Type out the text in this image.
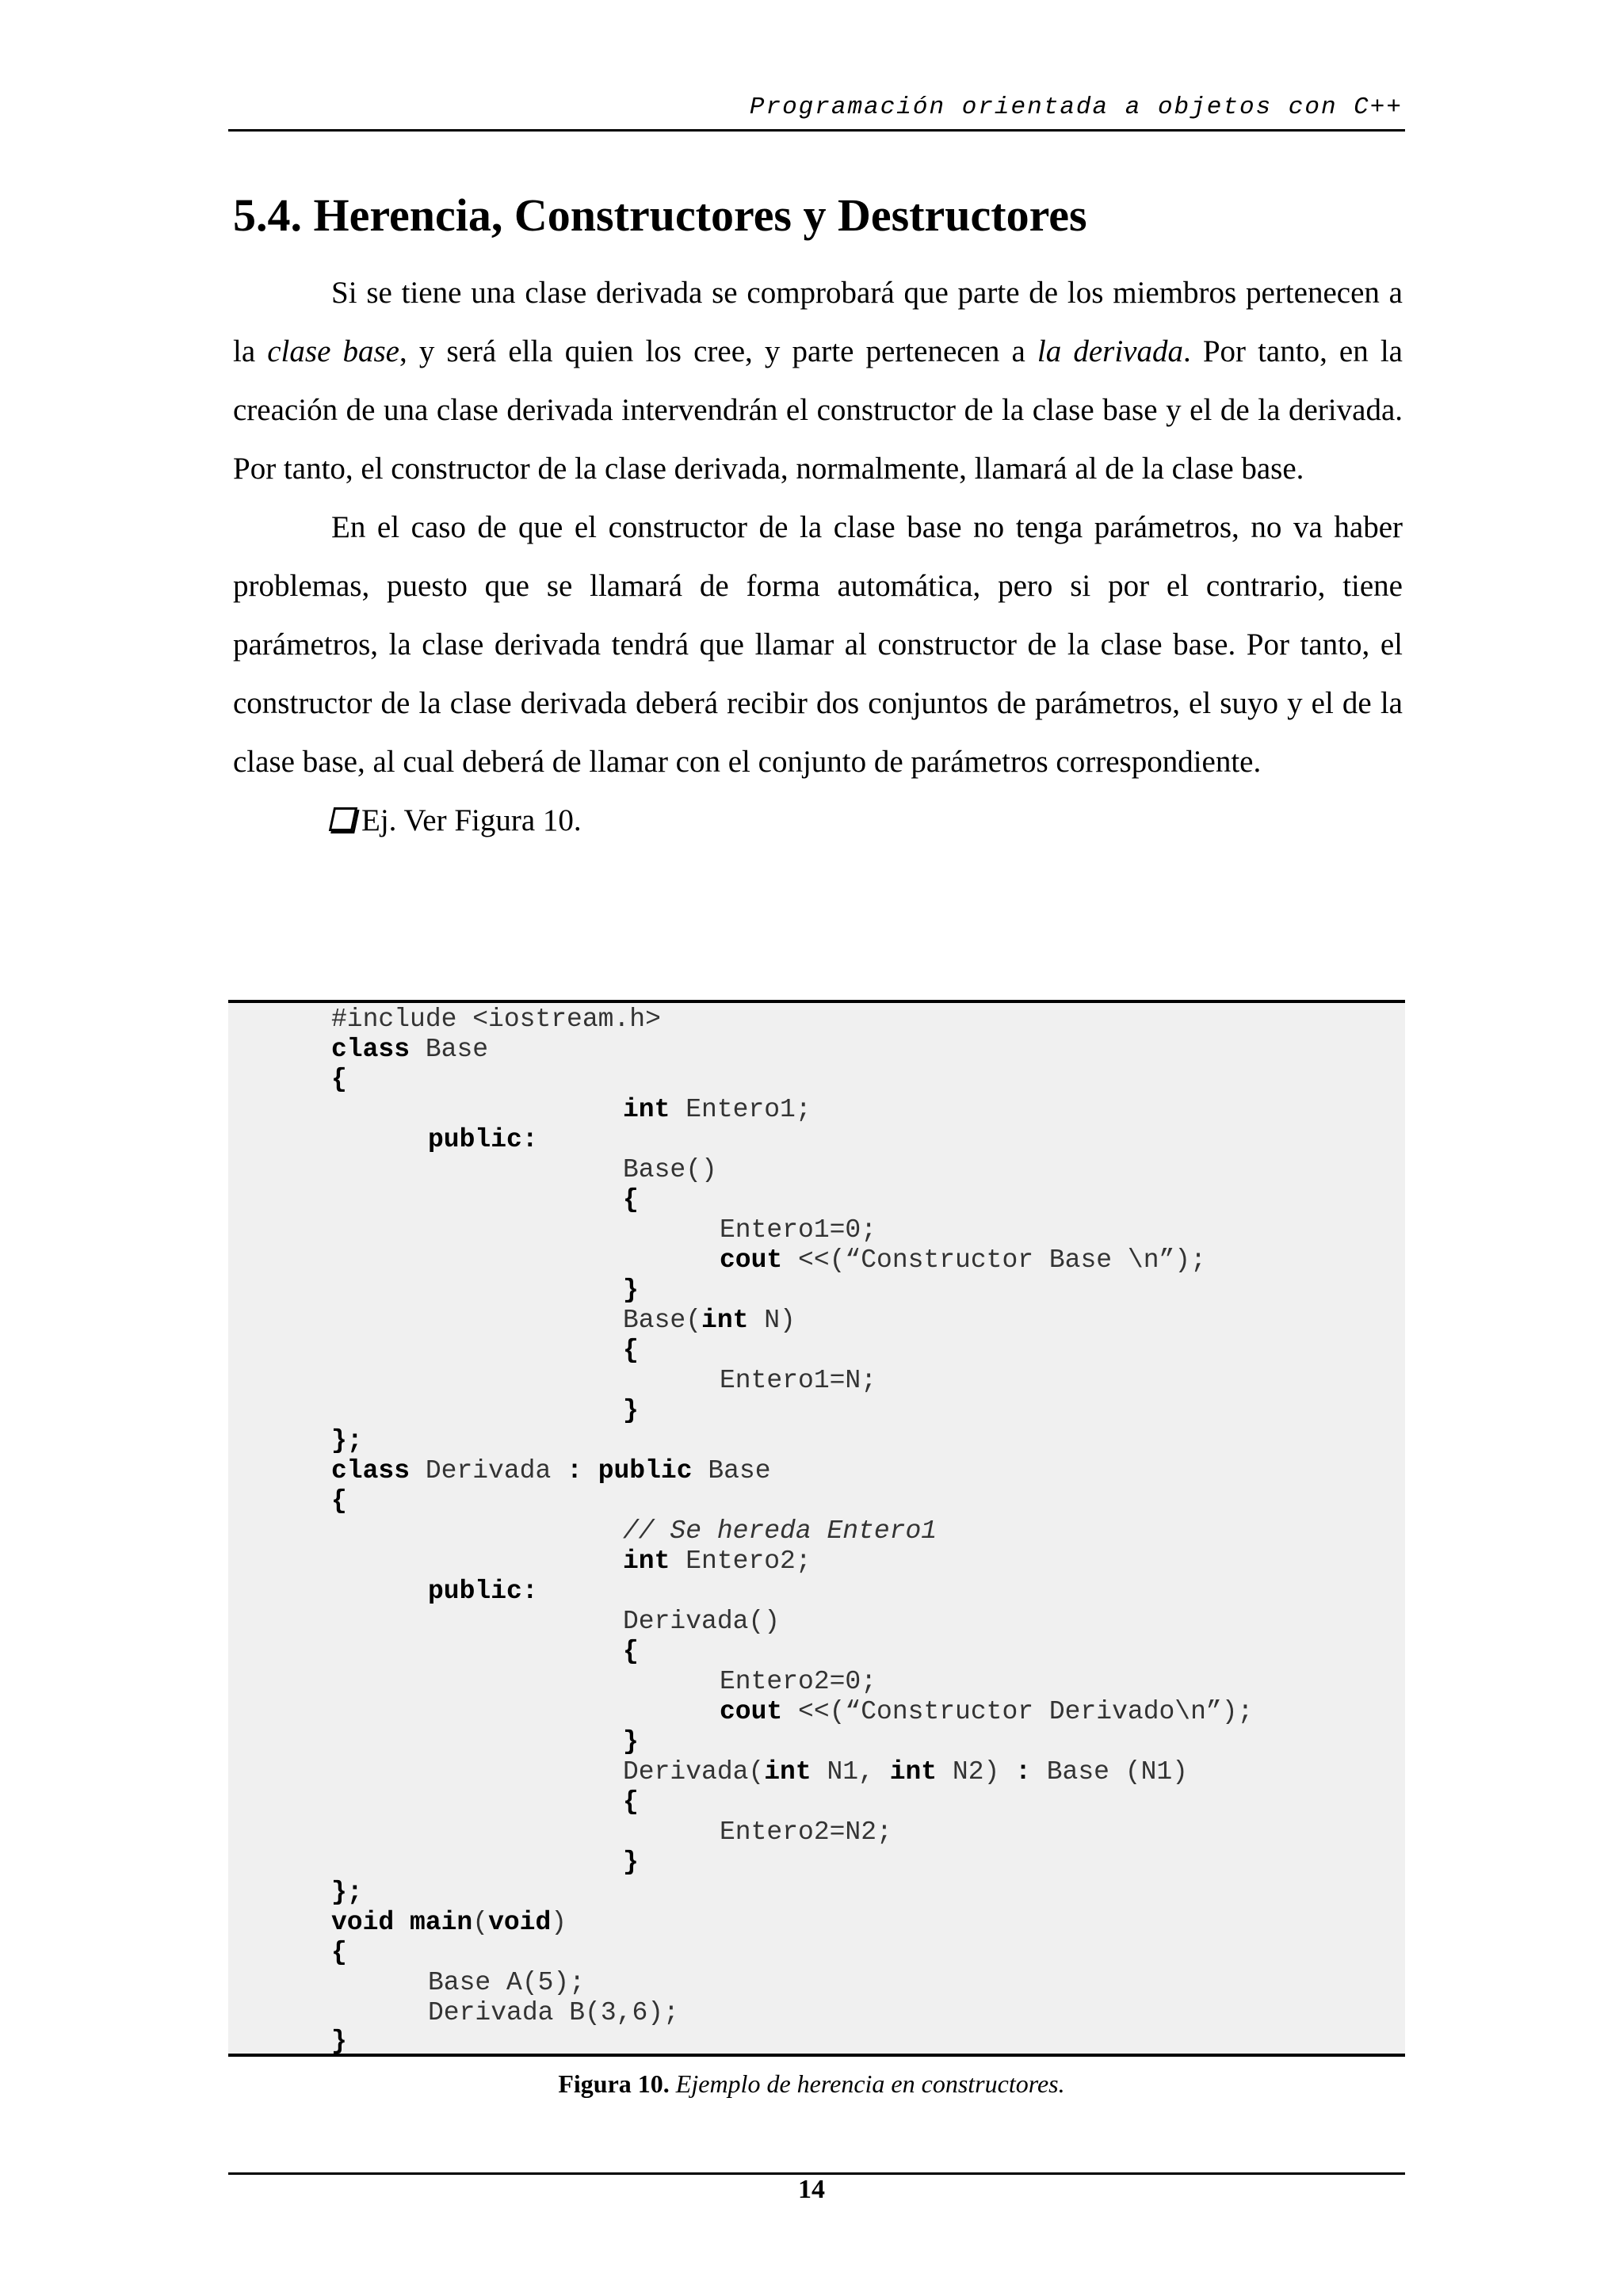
Programación orientada a objetos con C++
5.4. Herencia, Constructores y Destructores

Si se tiene una clase derivada se comprobará que parte de los miembros pertenecen a la clase base, y será ella quien los cree, y parte pertenecen a la derivada. Por tanto, en la creación de una clase derivada intervendrán el constructor de la clase base y el de la derivada. Por tanto, el constructor de la clase derivada, normalmente, llamará al de la clase base.

En el caso de que el constructor de la clase base no tenga parámetros, no va haber problemas, puesto que se llamará de forma automática, pero si por el contrario, tiene parámetros, la clase derivada tendrá que llamar al constructor de la clase base. Por tanto, el constructor de la clase derivada deberá recibir dos conjuntos de parámetros, el suyo y el de la clase base, al cual deberá de llamar con el conjunto de parámetros correspondiente.

Ej. Ver Figura 10.

#include <iostream.h>
class Base
{
int Entero1;
public:
Base()
{
Entero1=0;
cout <<(“Constructor Base \n”);
}
Base(int N)
{
Entero1=N;
}
};
class Derivada : public Base
{
// Se hereda Entero1
int Entero2;
public:
Derivada()
{
Entero2=0;
cout <<(“Constructor Derivado\n”);
}
Derivada(int N1, int N2) : Base (N1)
{
Entero2=N2;
}
};
void main(void)
{
Base A(5);
Derivada B(3,6);
}
Figura 10. Ejemplo de herencia en constructores.
14
